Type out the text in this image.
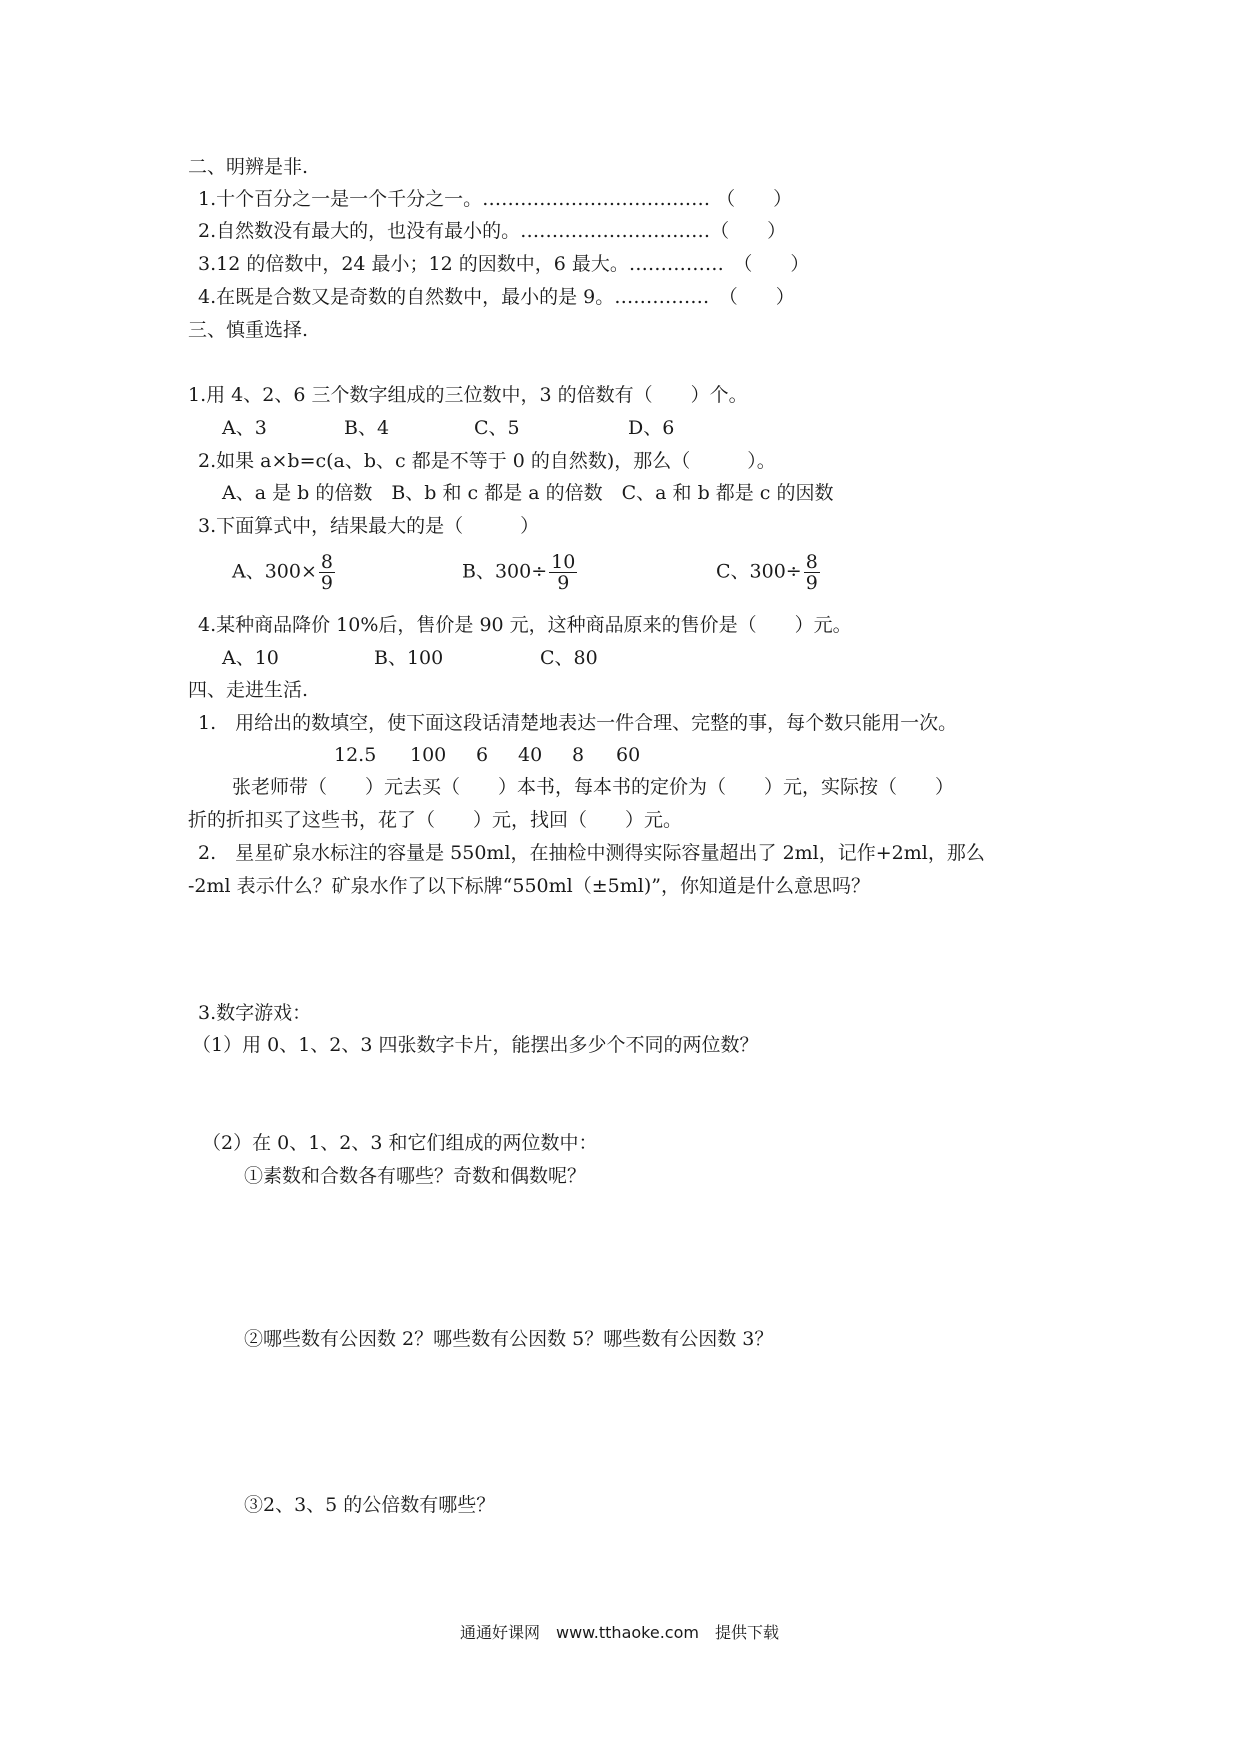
二、明辨是非.
1.十个百分之一是一个千分之一。……………………………… （　　）
2.自然数没有最大的，也没有最小的。…………………………（　　）
3.12 的倍数中，24 最小；12 的因数中，6 最大。……………　（　　）
4.在既是合数又是奇数的自然数中，最小的是 9。……………　（　　）
三、慎重选择.
1.用 4、2、6 三个数字组成的三位数中，3 的倍数有（　　）个。
A、3	B、4	C、5	D、6
2.如果 a×b=c(a、b、c 都是不等于 0 的自然数)，那么（　　　）。
A、a 是 b 的倍数　B、b 和 c 都是 a 的倍数　C、a 和 b 都是 c 的因数
3.下面算式中，结果最大的是（　　　）
A、$300\times \frac{8}{9}$	B、$300\div \frac{10}{9}$	C、$300\div \frac{8}{9}$
4.某种商品降价 10%后，售价是 90 元，这种商品原来的售价是（　　）元。
A、10	B、100	C、80
四、走进生活.
1.　用给出的数填空，使下面这段话清楚地表达一件合理、完整的事，每个数只能用一次。
12.5 100 6 40 8 60
张老师带（　　）元去买（　　）本书，每本书的定价为（　　）元，实际按（　　）
折的折扣买了这些书，花了（　　）元，找回（　　）元。
2.　星星矿泉水标注的容量是 550ml，在抽检中测得实际容量超出了 2ml，记作+2ml，那么
-2ml 表示什么？矿泉水作了以下标牌“550ml（±5ml)”，你知道是什么意思吗？
3.数字游戏：
（1）用 0、1、2、3 四张数字卡片，能摆出多少个不同的两位数？
（2）在 0、1、2、3 和它们组成的两位数中：
①素数和合数各有哪些？奇数和偶数呢？
②哪些数有公因数 2？哪些数有公因数 5？哪些数有公因数 3？
③2、3、5 的公倍数有哪些？
通通好课网　www.tthaoke.com　提供下载
